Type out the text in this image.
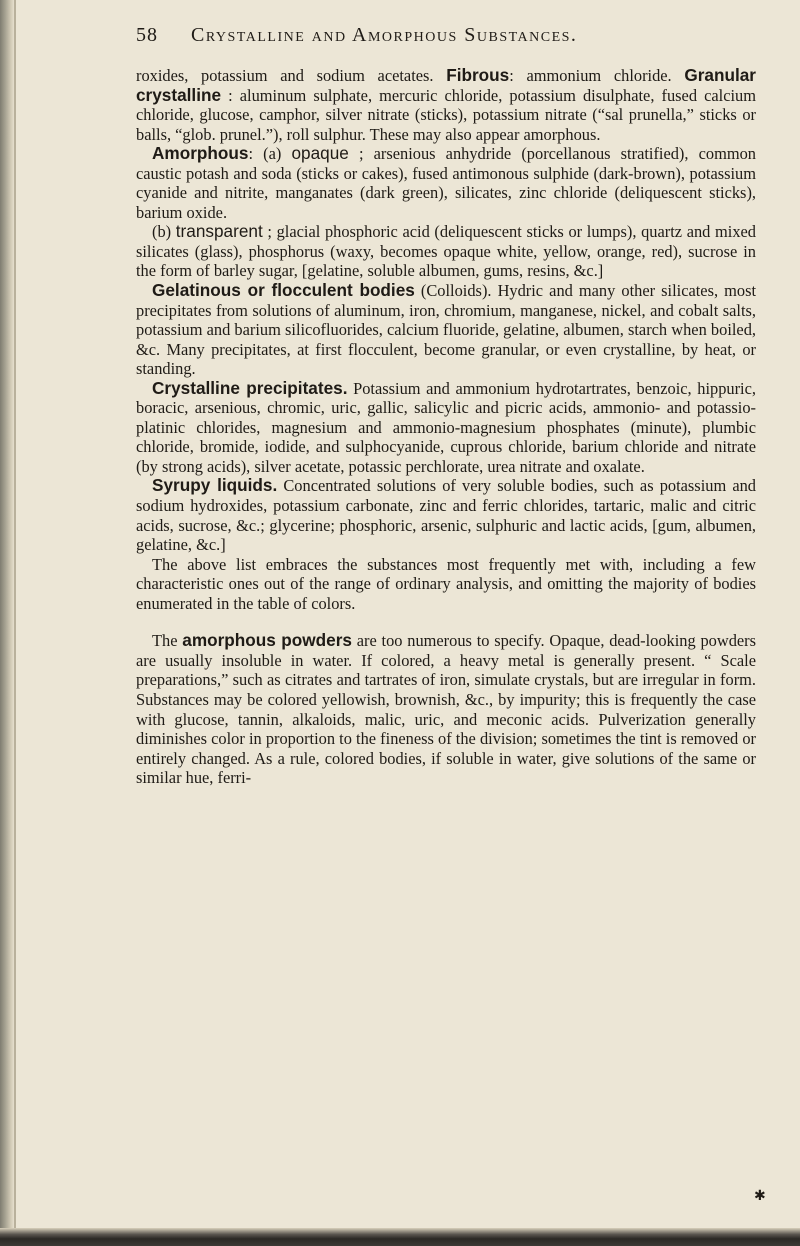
58 Crystalline and Amorphous Substances.

roxides, potassium and sodium acetates. Fibrous: ammonium chloride. Granular crystalline : aluminum sulphate, mercuric chloride, potassium disulphate, fused calcium chloride, glucose, camphor, silver nitrate (sticks), potassium nitrate (“sal prunella,” sticks or balls, “glob. prunel.”), roll sulphur. These may also appear amorphous.

Amorphous: (a) opaque ; arsenious anhydride (porcellanous stratified), common caustic potash and soda (sticks or cakes), fused antimonous sulphide (dark-brown), potassium cyanide and nitrite, manganates (dark green), silicates, zinc chloride (deliquescent sticks), barium oxide.

(b) transparent ; glacial phosphoric acid (deliquescent sticks or lumps), quartz and mixed silicates (glass), phosphorus (waxy, becomes opaque white, yellow, orange, red), sucrose in the form of barley sugar, [gelatine, soluble albumen, gums, resins, &c.]

Gelatinous or flocculent bodies (Colloids). Hydric and many other silicates, most precipitates from solutions of aluminum, iron, chromium, manganese, nickel, and cobalt salts, potassium and barium silicofluorides, calcium fluoride, gelatine, albumen, starch when boiled, &c. Many precipitates, at first flocculent, become granular, or even crystalline, by heat, or standing.

Crystalline precipitates. Potassium and ammonium hydrotartrates, benzoic, hippuric, boracic, arsenious, chromic, uric, gallic, salicylic and picric acids, ammonio- and potassio-platinic chlorides, magnesium and ammonio-magnesium phosphates (minute), plumbic chloride, bromide, iodide, and sulphocyanide, cuprous chloride, barium chloride and nitrate (by strong acids), silver acetate, potassic perchlorate, urea nitrate and oxalate.

Syrupy liquids. Concentrated solutions of very soluble bodies, such as potassium and sodium hydroxides, potassium carbonate, zinc and ferric chlorides, tartaric, malic and citric acids, sucrose, &c.; glycerine; phosphoric, arsenic, sulphuric and lactic acids, [gum, albumen, gelatine, &c.]

The above list embraces the substances most frequently met with, including a few characteristic ones out of the range of ordinary analysis, and omitting the majority of bodies enumerated in the table of colors.

The amorphous powders are too numerous to specify. Opaque, dead-looking powders are usually insoluble in water. If colored, a heavy metal is generally present. “ Scale preparations,” such as citrates and tartrates of iron, simulate crystals, but are irregular in form. Substances may be colored yellowish, brownish, &c., by impurity; this is frequently the case with glucose, tannin, alkaloids, malic, uric, and meconic acids. Pulverization generally diminishes color in proportion to the fineness of the division; sometimes the tint is removed or entirely changed. As a rule, colored bodies, if soluble in water, give solutions of the same or similar hue, ferri-

✱
